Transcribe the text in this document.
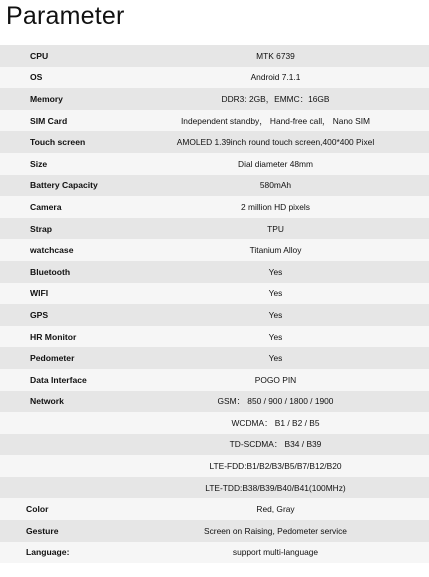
Parameter
CPU	MTK 6739
OS	Android 7.1.1
Memory	DDR3: 2GB，EMMC：16GB
SIM Card	Independent standby， Hand-free call， Nano SIM
Touch screen	AMOLED 1.39inch round touch screen,400*400 Pixel
Size	Dial diameter 48mm
Battery Capacity	580mAh
Camera	2 million HD pixels
Strap	TPU
watchcase	Titanium Alloy
Bluetooth	Yes
WIFI	Yes
GPS	Yes
HR Monitor	Yes
Pedometer	Yes
Data Interface	POGO PIN
Network	GSM： 850 / 900 / 1800 / 1900
WCDMA： B1 / B2 / B5
TD-SCDMA： B34 / B39
LTE-FDD:B1/B2/B3/B5/B7/B12/B20
LTE-TDD:B38/B39/B40/B41(100MHz)
Color	Red, Gray
Gesture	Screen on Raising, Pedometer service
Language:	support multi-language
